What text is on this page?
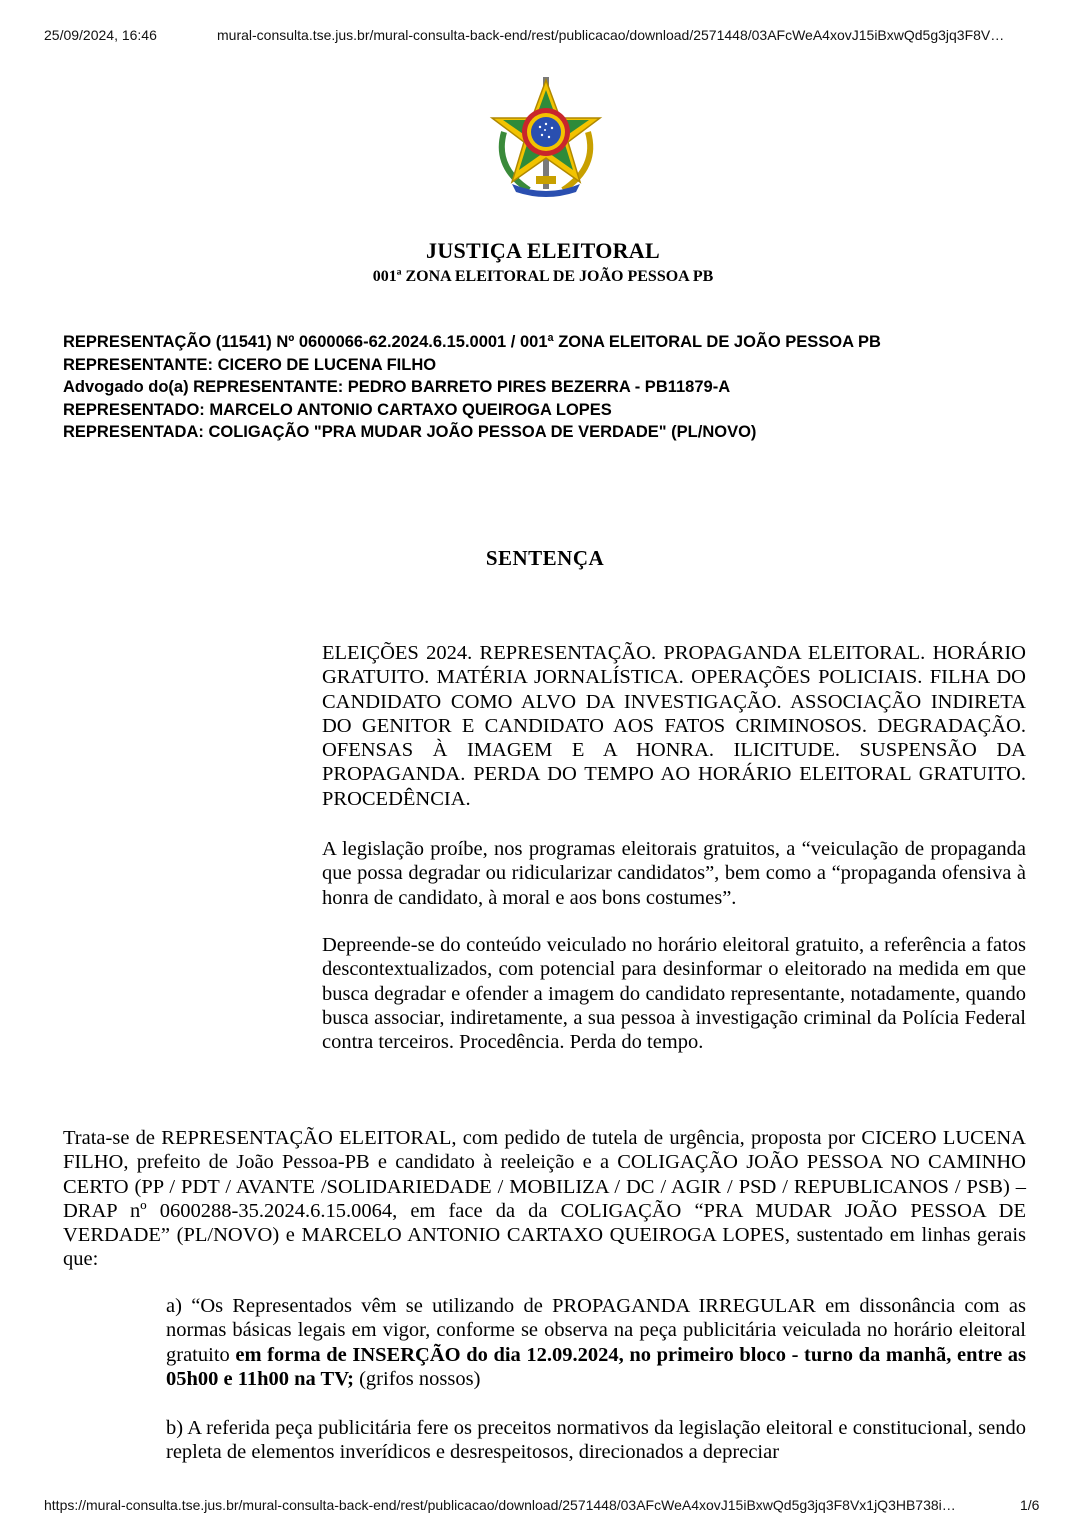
25/09/2024, 16:46	mural-consulta.tse.jus.br/mural-consulta-back-end/rest/publicacao/download/2571448/03AFcWeA4xovJ15iBxwQd5g3jq3F8V…
JUSTIÇA ELEITORAL
001ª ZONA ELEITORAL DE JOÃO PESSOA PB
REPRESENTAÇÃO (11541) Nº 0600066-62.2024.6.15.0001 / 001ª ZONA ELEITORAL DE JOÃO PESSOA PB
REPRESENTANTE: CICERO DE LUCENA FILHO
Advogado do(a) REPRESENTANTE: PEDRO BARRETO PIRES BEZERRA - PB11879-A
REPRESENTADO: MARCELO ANTONIO CARTAXO QUEIROGA LOPES
REPRESENTADA: COLIGAÇÃO "PRA MUDAR JOÃO PESSOA DE VERDADE" (PL/NOVO)
SENTENÇA
ELEIÇÕES 2024. REPRESENTAÇÃO. PROPAGANDA ELEITORAL. HORÁRIO GRATUITO. MATÉRIA JORNALÍSTICA. OPERAÇÕES POLICIAIS. FILHA DO CANDIDATO COMO ALVO DA INVESTIGAÇÃO. ASSOCIAÇÃO INDIRETA DO GENITOR E CANDIDATO AOS FATOS CRIMINOSOS. DEGRADAÇÃO. OFENSAS À IMAGEM E A HONRA. ILICITUDE. SUSPENSÃO DA PROPAGANDA. PERDA DO TEMPO AO HORÁRIO ELEITORAL GRATUITO. PROCEDÊNCIA.
A legislação proíbe, nos programas eleitorais gratuitos, a “veiculação de propaganda que possa degradar ou ridicularizar candidatos”, bem como a “propaganda ofensiva à honra de candidato, à moral e aos bons costumes”.
Depreende-se do conteúdo veiculado no horário eleitoral gratuito, a referência a fatos descontextualizados, com potencial para desinformar o eleitorado na medida em que busca degradar e ofender a imagem do candidato representante, notadamente, quando busca associar, indiretamente, a sua pessoa à investigação criminal da Polícia Federal contra terceiros. Procedência. Perda do tempo.
Trata-se de REPRESENTAÇÃO ELEITORAL, com pedido de tutela de urgência, proposta por CICERO LUCENA FILHO, prefeito de João Pessoa-PB e candidato à reeleição e a COLIGAÇÃO JOÃO PESSOA NO CAMINHO CERTO (PP / PDT / AVANTE /SOLIDARIEDADE / MOBILIZA / DC / AGIR / PSD / REPUBLICANOS / PSB) – DRAP nº 0600288-35.2024.6.15.0064, em face da da COLIGAÇÃO “PRA MUDAR JOÃO PESSOA DE VERDADE” (PL/NOVO) e MARCELO ANTONIO CARTAXO QUEIROGA LOPES, sustentado em linhas gerais que:
a) “Os Representados vêm se utilizando de PROPAGANDA IRREGULAR em dissonância com as normas básicas legais em vigor, conforme se observa na peça publicitária veiculada no horário eleitoral gratuito em forma de INSERÇÃO do dia 12.09.2024, no primeiro bloco - turno da manhã, entre as 05h00 e 11h00 na TV; (grifos nossos)
b) A referida peça publicitária fere os preceitos normativos da legislação eleitoral e constitucional, sendo repleta de elementos inverídicos e desrespeitosos, direcionados a depreciar
https://mural-consulta.tse.jus.br/mural-consulta-back-end/rest/publicacao/download/2571448/03AFcWeA4xovJ15iBxwQd5g3jq3F8Vx1jQ3HB738i…	1/6
